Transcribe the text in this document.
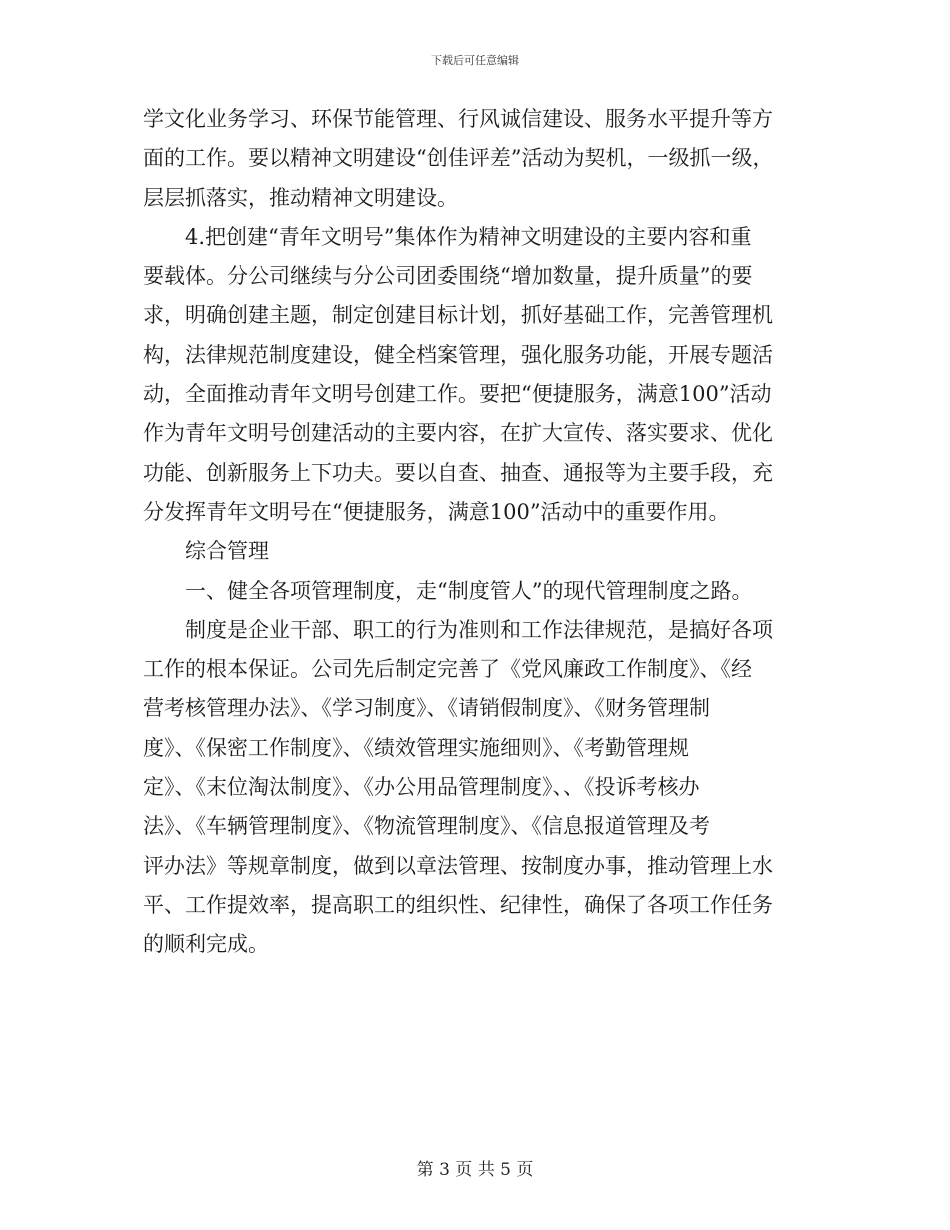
下载后可任意编辑
学文化业务学习、环保节能管理、行风诚信建设、服务水平提升等方
面的工作。要以精神文明建设“创佳评差”活动为契机，一级抓一级，
层层抓落实，推动精神文明建设。
4.把创建“青年文明号”集体作为精神文明建设的主要内容和重
要载体。分公司继续与分公司团委围绕“增加数量，提升质量”的要
求，明确创建主题，制定创建目标计划，抓好基础工作，完善管理机
构，法律规范制度建设，健全档案管理，强化服务功能，开展专题活
动，全面推动青年文明号创建工作。要把“便捷服务，满意100”活动
作为青年文明号创建活动的主要内容，在扩大宣传、落实要求、优化
功能、创新服务上下功夫。要以自查、抽查、通报等为主要手段，充
分发挥青年文明号在“便捷服务，满意100”活动中的重要作用。
综合管理
一、健全各项管理制度，走“制度管人”的现代管理制度之路。
制度是企业干部、职工的行为准则和工作法律规范，是搞好各项
工作的根本保证。公司先后制定完善了《党风廉政工作制度》、《经
营考核管理办法》、《学习制度》、《请销假制度》、《财务管理制
度》、《保密工作制度》、《绩效管理实施细则》、《考勤管理规
定》、《末位淘汰制度》、《办公用品管理制度》、、《投诉考核办
法》、《车辆管理制度》、《物流管理制度》、《信息报道管理及考
评办法》等规章制度，做到以章法管理、按制度办事，推动管理上水
平、工作提效率，提高职工的组织性、纪律性，确保了各项工作任务
的顺利完成。
第 3 页 共 5 页
